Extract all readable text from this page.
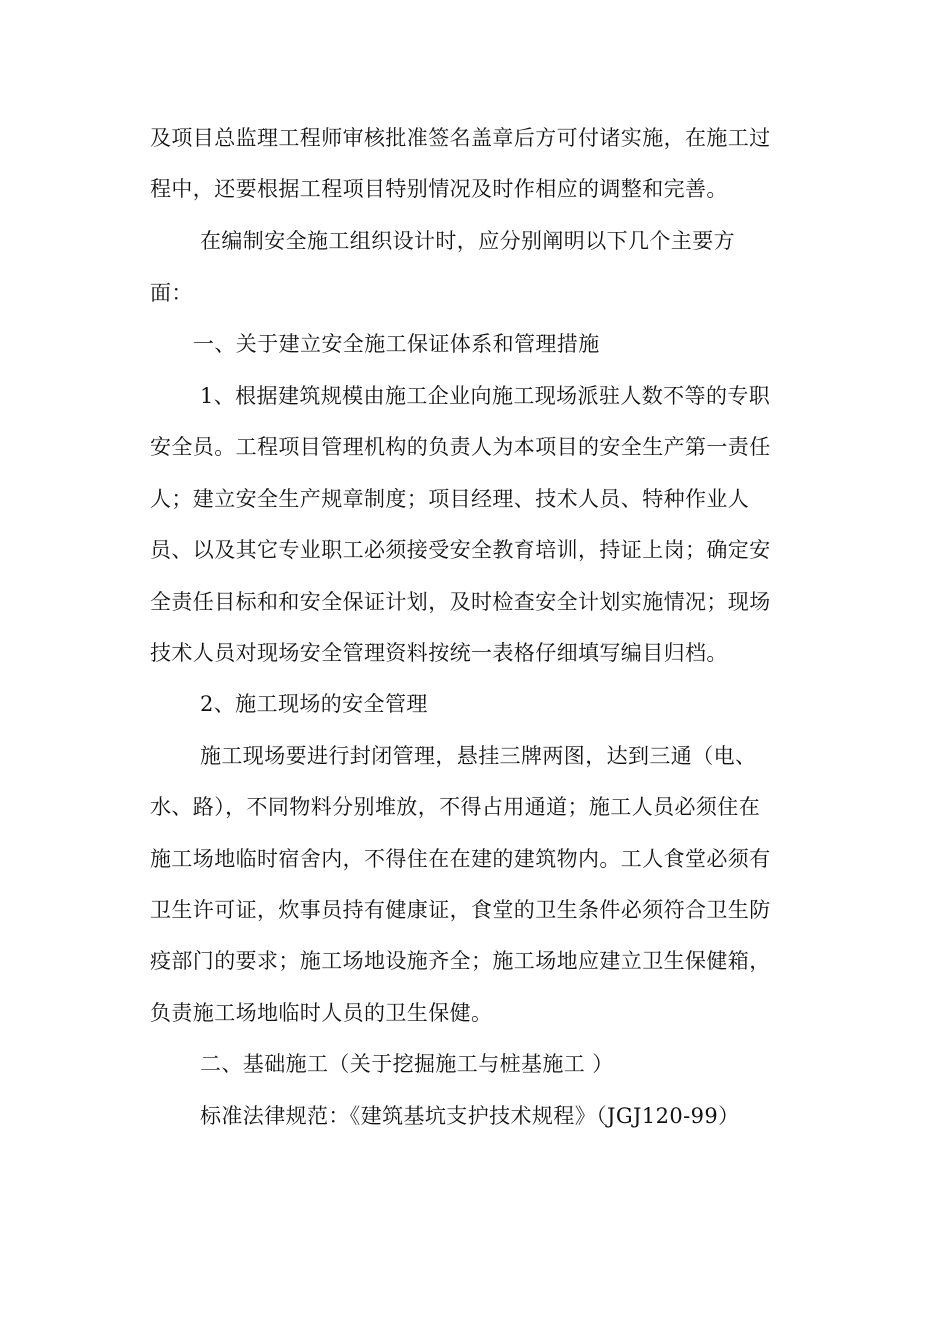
及项目总监理工程师审核批准签名盖章后方可付诸实施，在施工过
程中，还要根据工程项目特别情况及时作相应的调整和完善。
在编制安全施工组织设计时，应分别阐明以下几个主要方
面：
一、关于建立安全施工保证体系和管理措施
1、根据建筑规模由施工企业向施工现场派驻人数不等的专职
安全员。工程项目管理机构的负责人为本项目的安全生产第一责任
人；建立安全生产规章制度；项目经理、技术人员、特种作业人
员、以及其它专业职工必须接受安全教育培训，持证上岗；确定安
全责任目标和和安全保证计划，及时检查安全计划实施情况；现场
技术人员对现场安全管理资料按统一表格仔细填写编目归档。
2、施工现场的安全管理
施工现场要进行封闭管理，悬挂三牌两图，达到三通（电、
水、路），不同物料分别堆放，不得占用通道；施工人员必须住在
施工场地临时宿舍内，不得住在在建的建筑物内。工人食堂必须有
卫生许可证，炊事员持有健康证，食堂的卫生条件必须符合卫生防
疫部门的要求；施工场地设施齐全；施工场地应建立卫生保健箱，
负责施工场地临时人员的卫生保健。
二、基础施工（关于挖掘施工与桩基施工 ）
标准法律规范：《建筑基坑支护技术规程》（JGJ120-99）
